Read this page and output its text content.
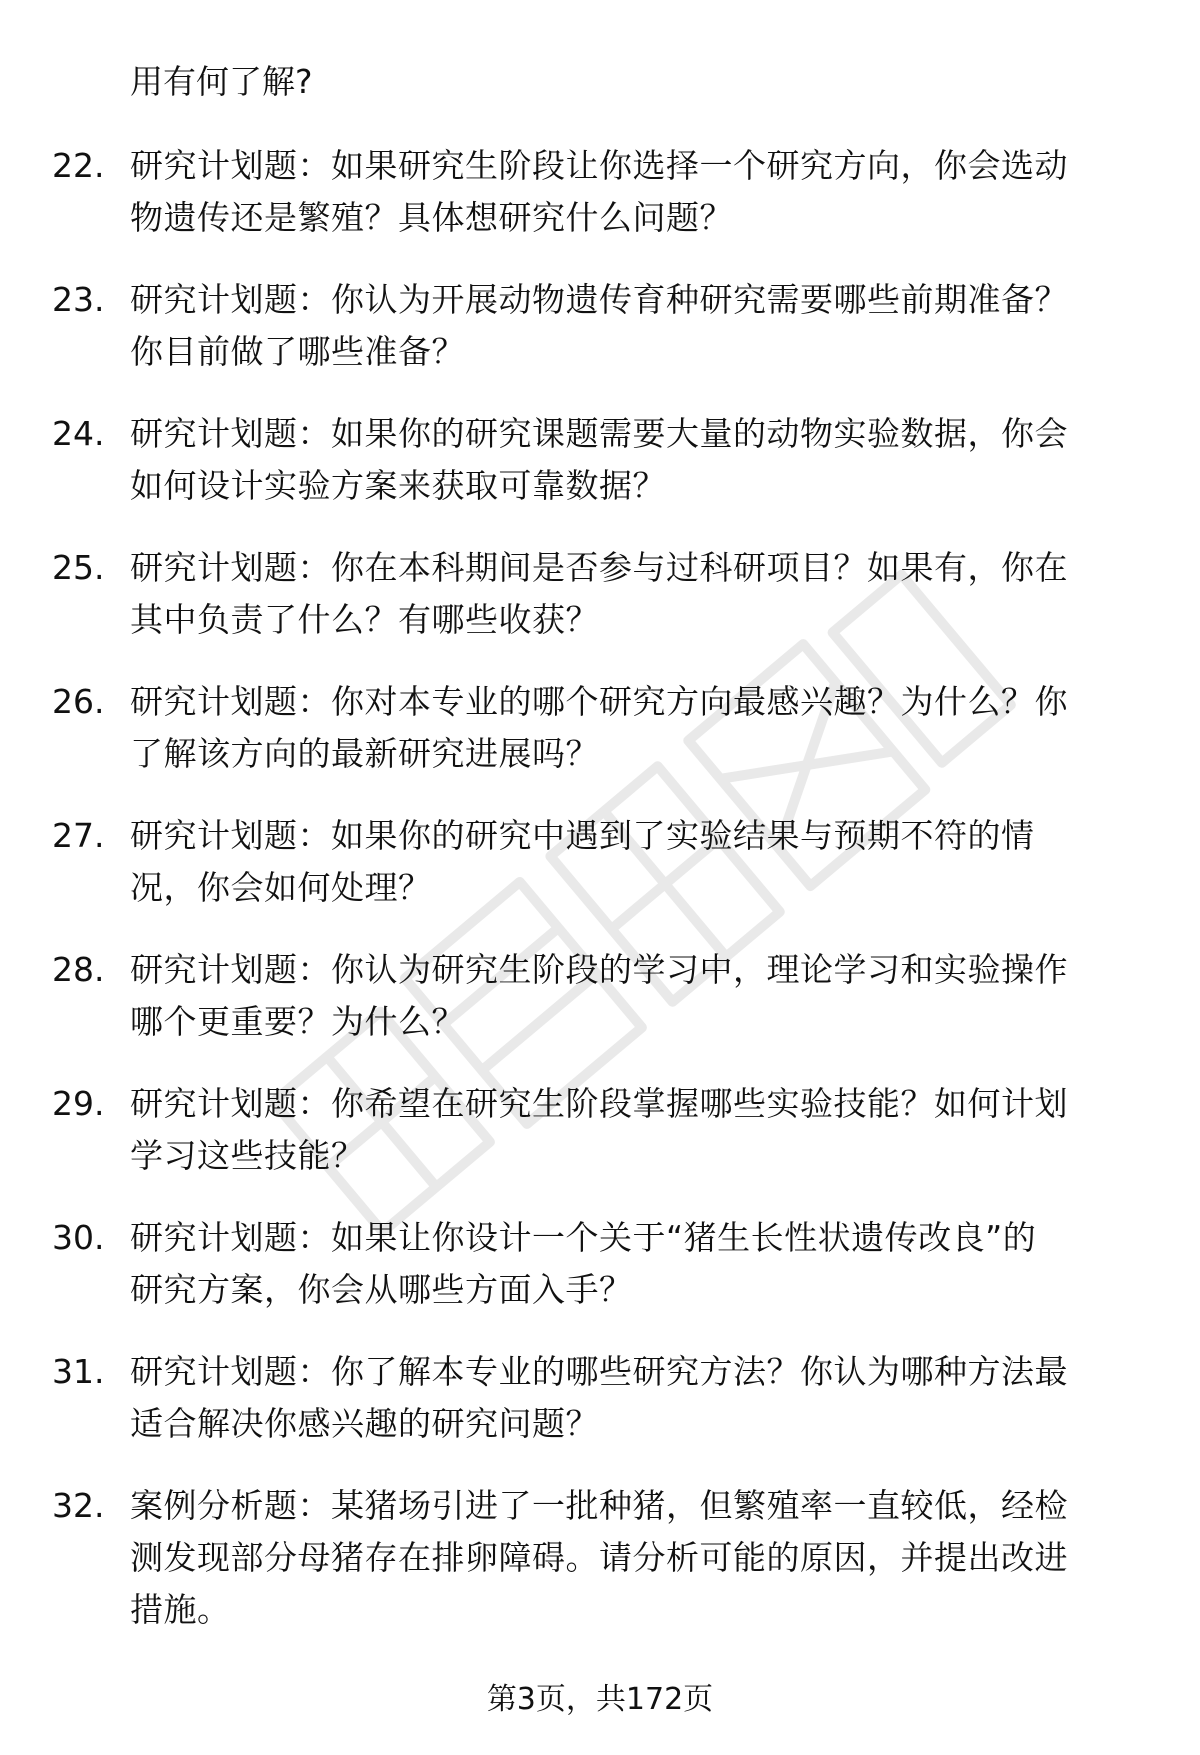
用有何了解?
22. 研究计划题：如果研究生阶段让你选择一个研究方向，你会选动
物遗传还是繁殖？具体想研究什么问题？
23. 研究计划题：你认为开展动物遗传育种研究需要哪些前期准备？
你目前做了哪些准备？
24. 研究计划题：如果你的研究课题需要大量的动物实验数据，你会
如何设计实验方案来获取可靠数据？
25. 研究计划题：你在本科期间是否参与过科研项目？如果有，你在
其中负责了什么？有哪些收获？
26. 研究计划题：你对本专业的哪个研究方向最感兴趣？为什么？你
了解该方向的最新研究进展吗？
27. 研究计划题：如果你的研究中遇到了实验结果与预期不符的情
况，你会如何处理？
28. 研究计划题：你认为研究生阶段的学习中，理论学习和实验操作
哪个更重要？为什么？
29. 研究计划题：你希望在研究生阶段掌握哪些实验技能？如何计划
学习这些技能？
30. 研究计划题：如果让你设计一个关于“猪生长性状遗传改良”的
研究方案，你会从哪些方面入手？
31. 研究计划题：你了解本专业的哪些研究方法？你认为哪种方法最
适合解决你感兴趣的研究问题？
32. 案例分析题：某猪场引进了一批种猪，但繁殖率一直较低，经检
测发现部分母猪存在排卵障碍。请分析可能的原因，并提出改进
措施。
第3页，共172页
